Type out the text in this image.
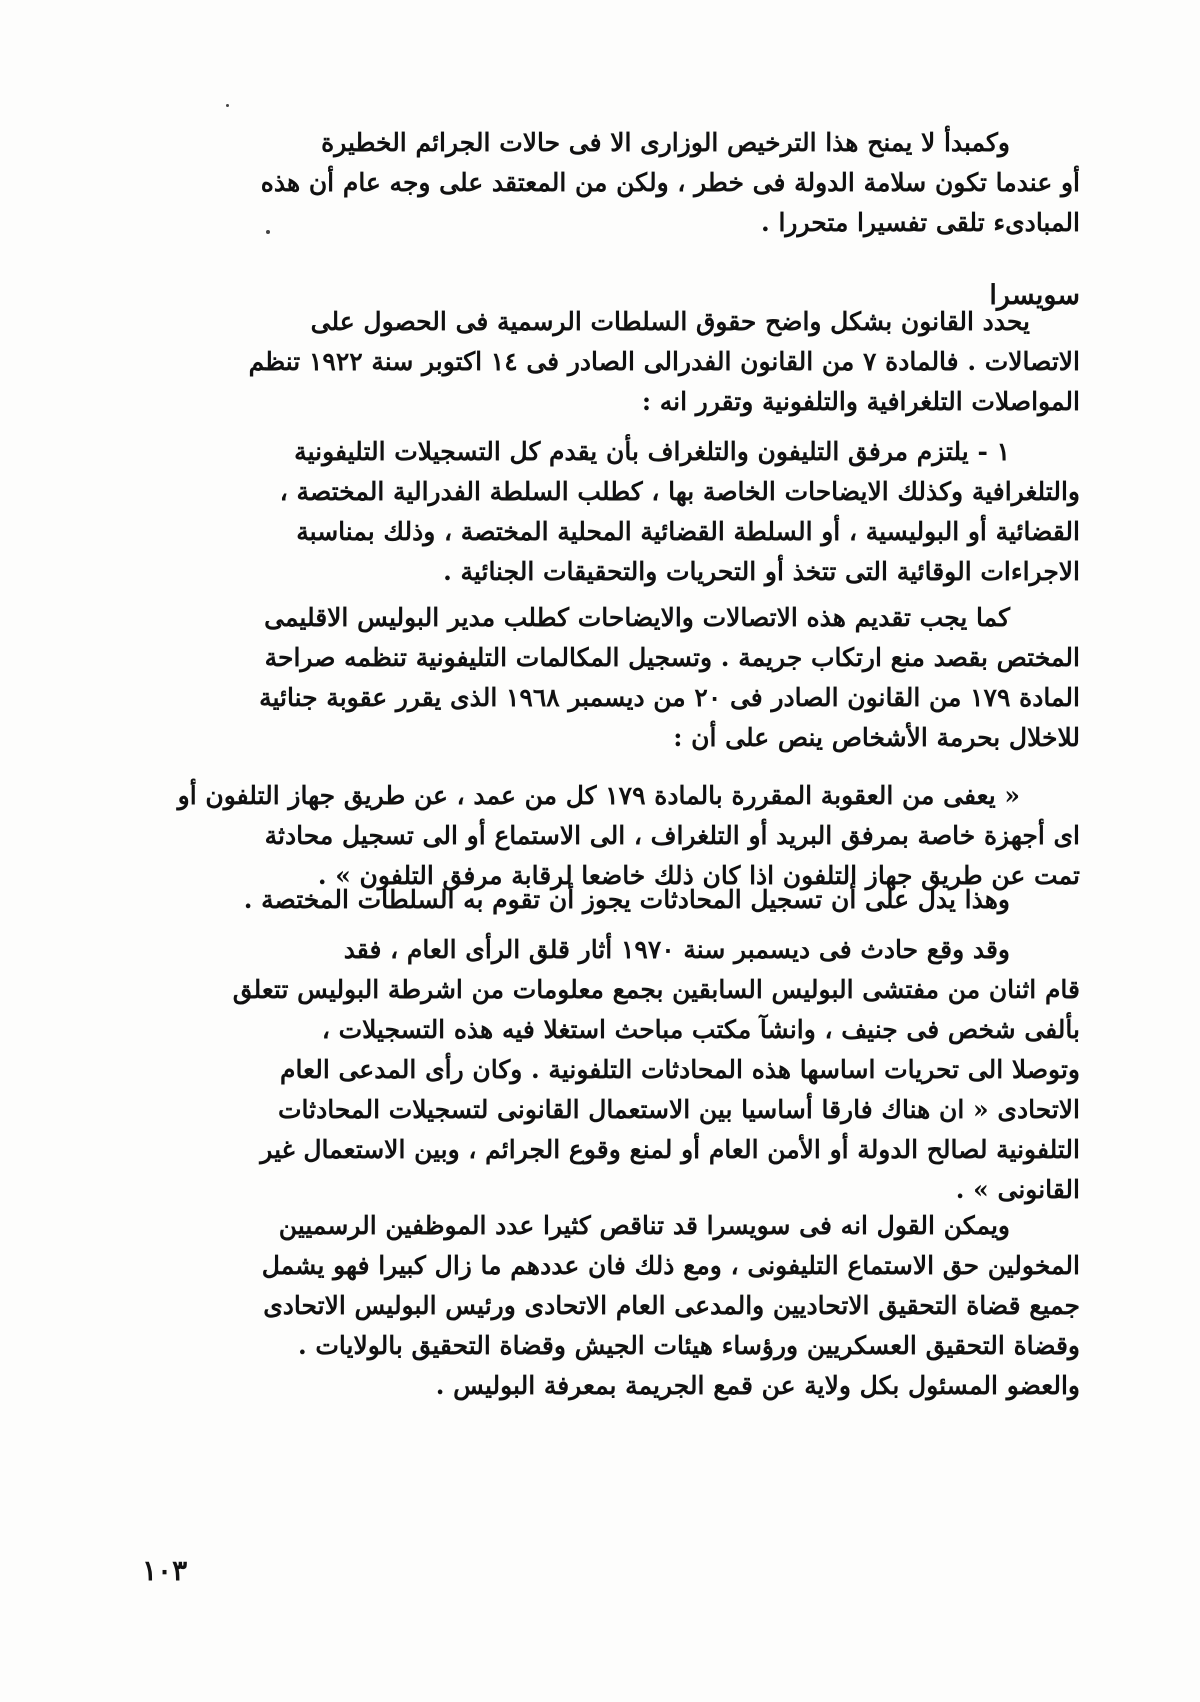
وكمبدأ لا يمنح هذا الترخيص الوزارى الا فى حالات الجرائم الخطيرة
أو عندما تكون سلامة الدولة فى خطر ، ولكن من المعتقد على وجه عام أن هذه
المبادىء تلقى تفسيرا متحررا .
سويسرا
يحدد القانون بشكل واضح حقوق السلطات الرسمية فى الحصول على
الاتصالات . فالمادة ٧ من القانون الفدرالى الصادر فى ١٤ اكتوبر سنة ١٩٢٢ تنظم
المواصلات التلغرافية والتلفونية وتقرر انه :
١ - يلتزم مرفق التليفون والتلغراف بأن يقدم كل التسجيلات التليفونية
والتلغرافية وكذلك الايضاحات الخاصة بها ، كطلب السلطة الفدرالية المختصة ،
القضائية أو البوليسية ، أو السلطة القضائية المحلية المختصة ، وذلك بمناسبة
الاجراءات الوقائية التى تتخذ أو التحريات والتحقيقات الجنائية .
كما يجب تقديم هذه الاتصالات والايضاحات كطلب مدير البوليس الاقليمى
المختص بقصد منع ارتكاب جريمة . وتسجيل المكالمات التليفونية تنظمه صراحة
المادة ١٧٩ من القانون الصادر فى ٢٠ من ديسمبر ١٩٦٨ الذى يقرر عقوبة جنائية
للاخلال بحرمة الأشخاص ينص على أن :
« يعفى من العقوبة المقررة بالمادة ١٧٩ كل من عمد ، عن طريق جهاز التلفون أو
اى أجهزة خاصة بمرفق البريد أو التلغراف ، الى الاستماع أو الى تسجيل محادثة
تمت عن طريق جهاز التلفون اذا كان ذلك خاضعا لرقابة مرفق التلفون » .
وهذا يدل على أن تسجيل المحادثات يجوز أن تقوم به السلطات المختصة .
وقد وقع حادث فى ديسمبر سنة ١٩٧٠ أثار قلق الرأى العام ، فقد
قام اثنان من مفتشى البوليس السابقين بجمع معلومات من اشرطة البوليس تتعلق
بألفى شخص فى جنيف ، وانشآ مكتب مباحث استغلا فيه هذه التسجيلات ،
وتوصلا الى تحريات اساسها هذه المحادثات التلفونية . وكان رأى المدعى العام
الاتحادى « ان هناك فارقا أساسيا بين الاستعمال القانونى لتسجيلات المحادثات
التلفونية لصالح الدولة أو الأمن العام أو لمنع وقوع الجرائم ، وبين الاستعمال غير
القانونى » .
ويمكن القول انه فى سويسرا قد تناقص كثيرا عدد الموظفين الرسميين
المخولين حق الاستماع التليفونى ، ومع ذلك فان عددهم ما زال كبيرا فهو يشمل
جميع قضاة التحقيق الاتحاديين والمدعى العام الاتحادى ورئيس البوليس الاتحادى
وقضاة التحقيق العسكريين ورؤساء هيئات الجيش وقضاة التحقيق بالولايات .
والعضو المسئول بكل ولاية عن قمع الجريمة بمعرفة البوليس .
١٠٣
